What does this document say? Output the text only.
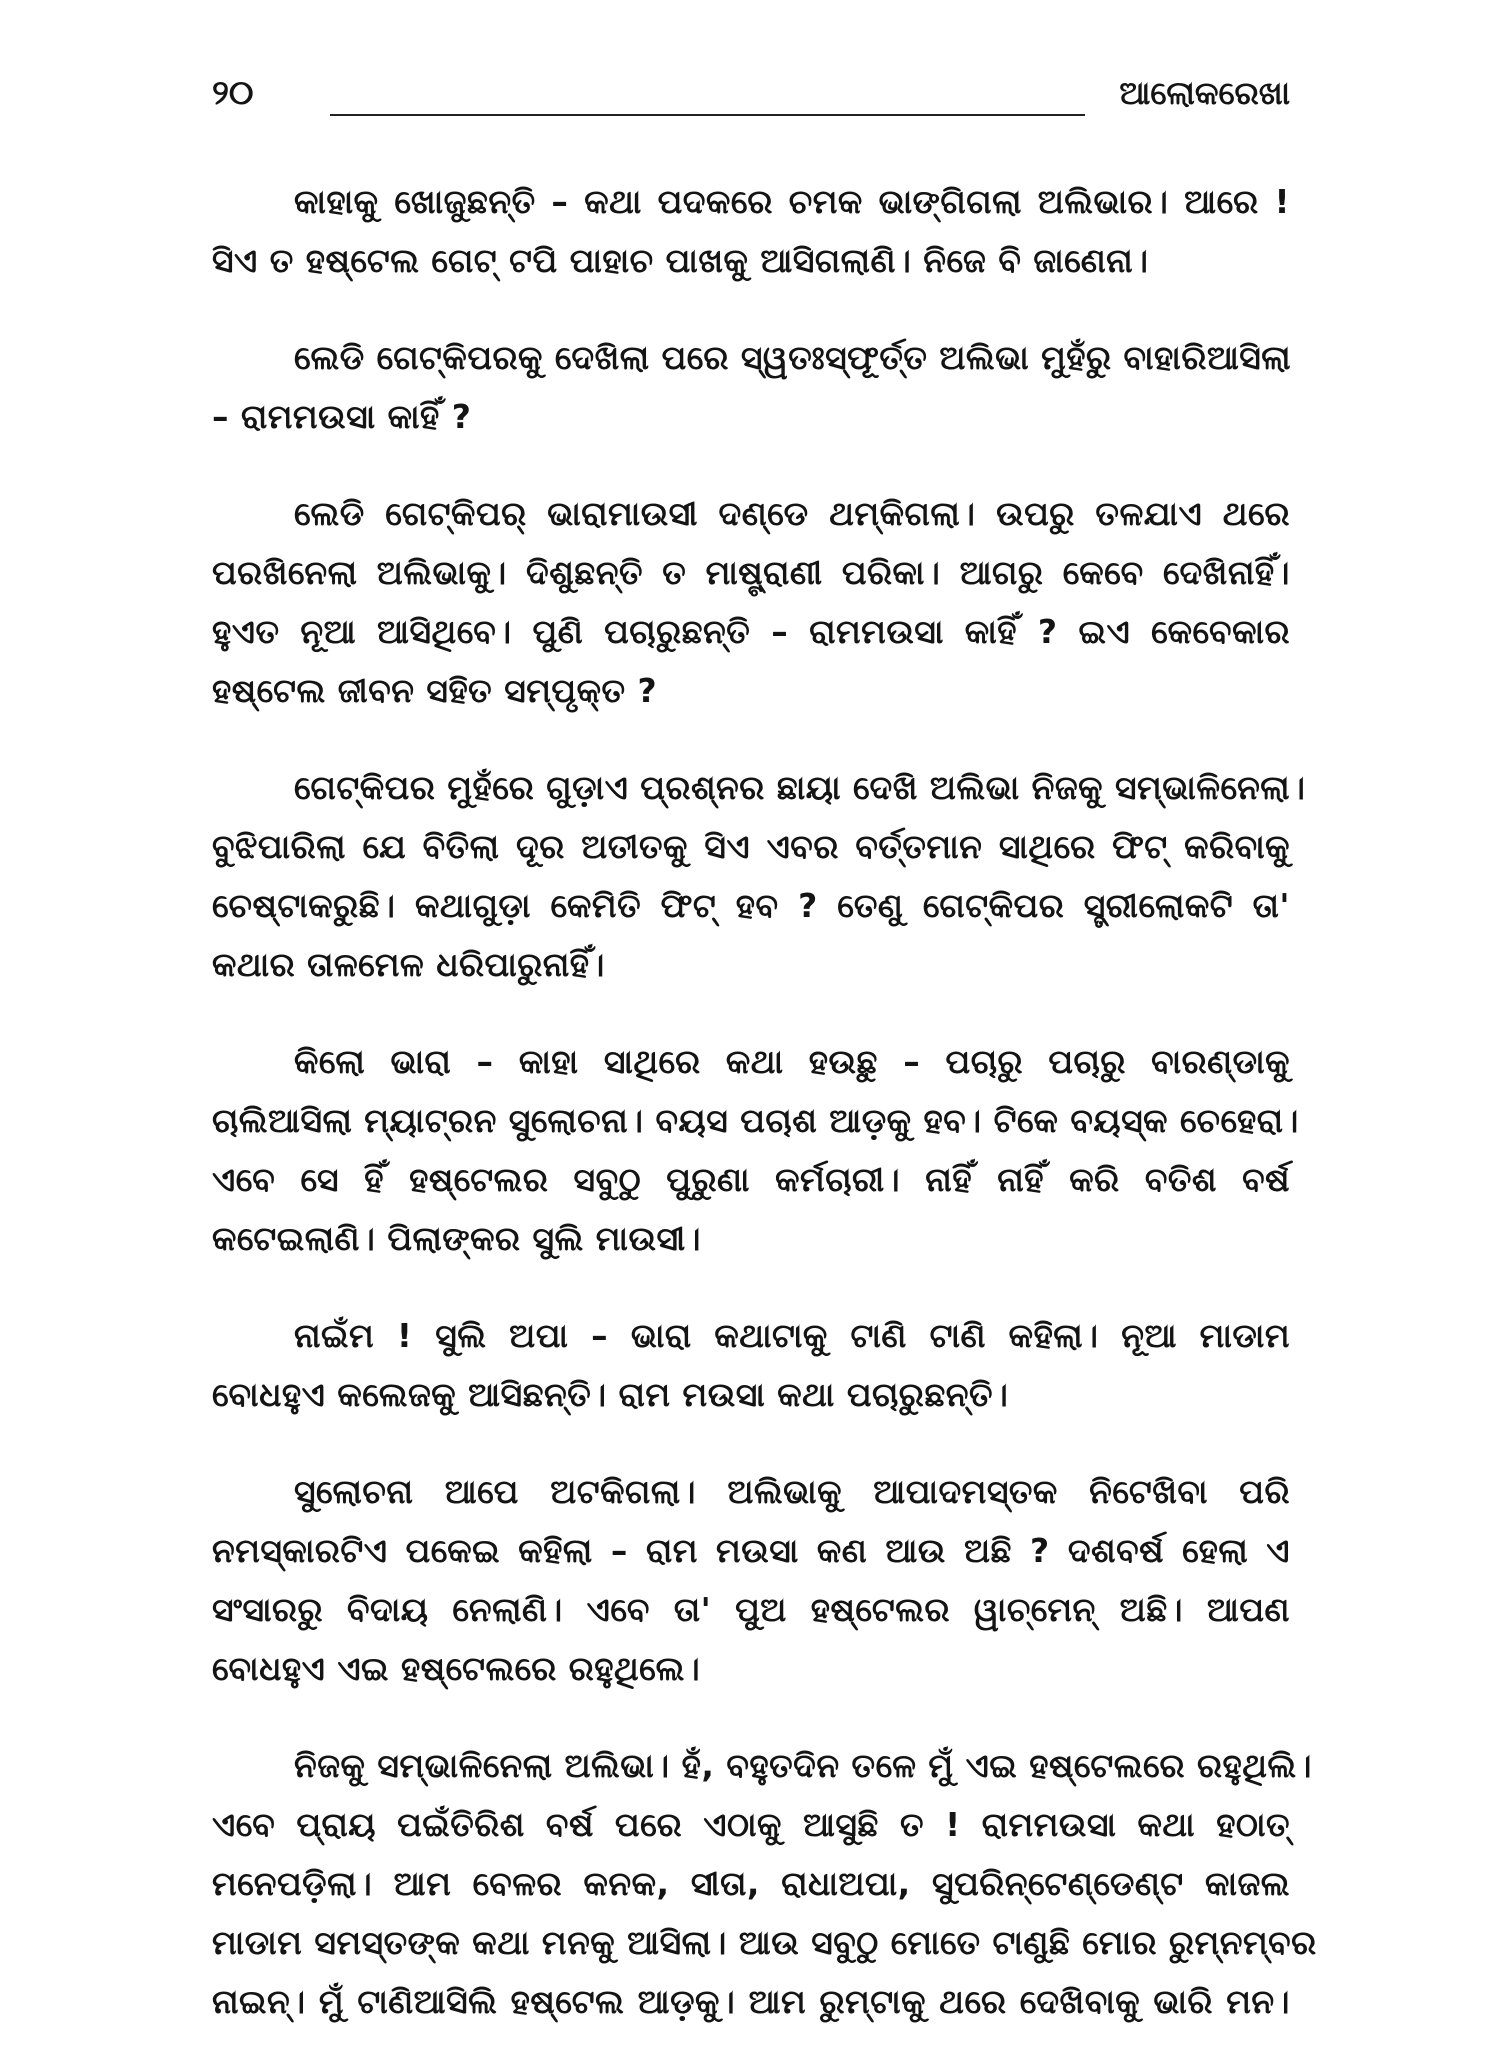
୨୦	ଆଲୋକରେଖା

କାହାକୁ ଖୋଜୁଛନ୍ତି – କଥା ପଦକରେ ଚମକ ଭାଙ୍ଗିଗଲା ଅଲିଭାର। ଆରେ !
ସିଏ ତ ହଷ୍ଟେଲ ଗେଟ୍ ଟପି ପାହାଚ ପାଖକୁ ଆସିଗଲାଣି। ନିଜେ ବି ଜାଣେନା।

ଲେଡି ଗେଟ୍‌କିପରକୁ ଦେଖିଲା ପରେ ସ୍ୱତଃସ୍ଫୂର୍ତ୍ତ ଅଲିଭା ମୁହଁରୁ ବାହାରିଆସିଲା
– ରାମମଉସା କାହିଁ ?

ଲେଡି ଗେଟ୍‌କିପର୍ ଭାରାମାଉସୀ ଦଣ୍ଡେ ଥମ୍‌କିଗଲା। ଉପରୁ ତଳଯାଏ ଥରେ
ପରଖିନେଲା ଅଲିଭାକୁ। ଦିଶୁଛନ୍ତି ତ ମାଷ୍ଟ୍ରାଣୀ ପରିକା। ଆଗରୁ କେବେ ଦେଖିନାହିଁ।
ହୁଏତ ନୂଆ ଆସିଥିବେ। ପୁଣି ପଚାରୁଛନ୍ତି – ରାମମଉସା କାହିଁ ? ଇଏ କେବେକାର
ହଷ୍ଟେଲ ଜୀବନ ସହିତ ସମ୍ପୃକ୍ତ ?

ଗେଟ୍‌କିପର ମୁହଁରେ ଗୁଡ଼ାଏ ପ୍ରଶ୍ନର ଛାୟା ଦେଖି ଅଲିଭା ନିଜକୁ ସମ୍ଭାଳିନେଲା।
ବୁଝିପାରିଲା ଯେ ବିତିଲା ଦୂର ଅତୀତକୁ ସିଏ ଏବର ବର୍ତ୍ତମାନ ସାଥିରେ ଫିଟ୍ କରିବାକୁ
ଚେଷ୍ଟାକରୁଛି। କଥାଗୁଡ଼ା କେମିତି ଫିଟ୍ ହବ ? ତେଣୁ ଗେଟ୍‌କିପର ସ୍ତ୍ରୀଲୋକଟି ତା'
କଥାର ତାଳମେଳ ଧରିପାରୁନାହିଁ।

କିଲୋ ଭାରା – କାହା ସାଥିରେ କଥା ହଉଛୁ – ପଚାରୁ ପଚାରୁ ବାରଣ୍ଡାକୁ
ଚାଲିଆସିଲା ମ୍ୟାଟ୍ରନ ସୁଲୋଚନା। ବୟସ ପଚାଶ ଆଡ଼କୁ ହବ। ଟିକେ ବୟସ୍କ ଚେହେରା।
ଏବେ ସେ ହିଁ ହଷ୍ଟେଲର ସବୁଠୁ ପୁରୁଣା କର୍ମଚାରୀ। ନାହିଁ ନାହିଁ କରି ବତିଶ ବର୍ଷ
କଟେଇଲାଣି। ପିଲାଙ୍କର ସୁଲି ମାଉସୀ।

ନାଇଁମ ! ସୁଲି ଅପା – ଭାରା କଥାଟାକୁ ଟାଣି ଟାଣି କହିଲା। ନୂଆ ମାଡାମ
ବୋଧହୁଏ କଲେଜକୁ ଆସିଛନ୍ତି। ରାମ ମଉସା କଥା ପଚାରୁଛନ୍ତି।

ସୁଲୋଚନା ଆପେ ଅଟକିଗଲା। ଅଲିଭାକୁ ଆପାଦମସ୍ତକ ନିଟେଖିବା ପରି
ନମସ୍କାରଟିଏ ପକେଇ କହିଲା – ରାମ ମଉସା କଣ ଆଉ ଅଛି ? ଦଶବର୍ଷ ହେଲା ଏ
ସଂସାରରୁ ବିଦାୟ ନେଲାଣି। ଏବେ ତା' ପୁଅ ହଷ୍ଟେଲର ୱାଚ୍‌ମେନ୍ ଅଛି। ଆପଣ
ବୋଧହୁଏ ଏଇ ହଷ୍ଟେଲରେ ରହୁଥିଲେ।

ନିଜକୁ ସମ୍ଭାଳିନେଲା ଅଲିଭା। ହଁ, ବହୁତଦିନ ତଳେ ମୁଁ ଏଇ ହଷ୍ଟେଲରେ ରହୁଥିଲି।
ଏବେ ପ୍ରାୟ ପଇଁତିରିଶ ବର୍ଷ ପରେ ଏଠାକୁ ଆସୁଛି ତ ! ରାମମଉସା କଥା ହଠାତ୍
ମନେପଡ଼ିଲା। ଆମ ବେଳର କନକ, ସୀତା, ରାଧାଅପା, ସୁପରିନ୍‌ଟେଣ୍ଡେଣ୍ଟ କାଜଲ
ମାଡାମ ସମସ୍ତଙ୍କ କଥା ମନକୁ ଆସିଲା। ଆଉ ସବୁଠୁ ମୋତେ ଟାଣୁଛି ମୋର ରୁମ୍‌ନମ୍ବର
ନାଇନ୍। ମୁଁ ଟାଣିଆସିଲି ହଷ୍ଟେଲ ଆଡ଼କୁ। ଆମ ରୁମ୍‌ଟାକୁ ଥରେ ଦେଖିବାକୁ ଭାରି ମନ।
